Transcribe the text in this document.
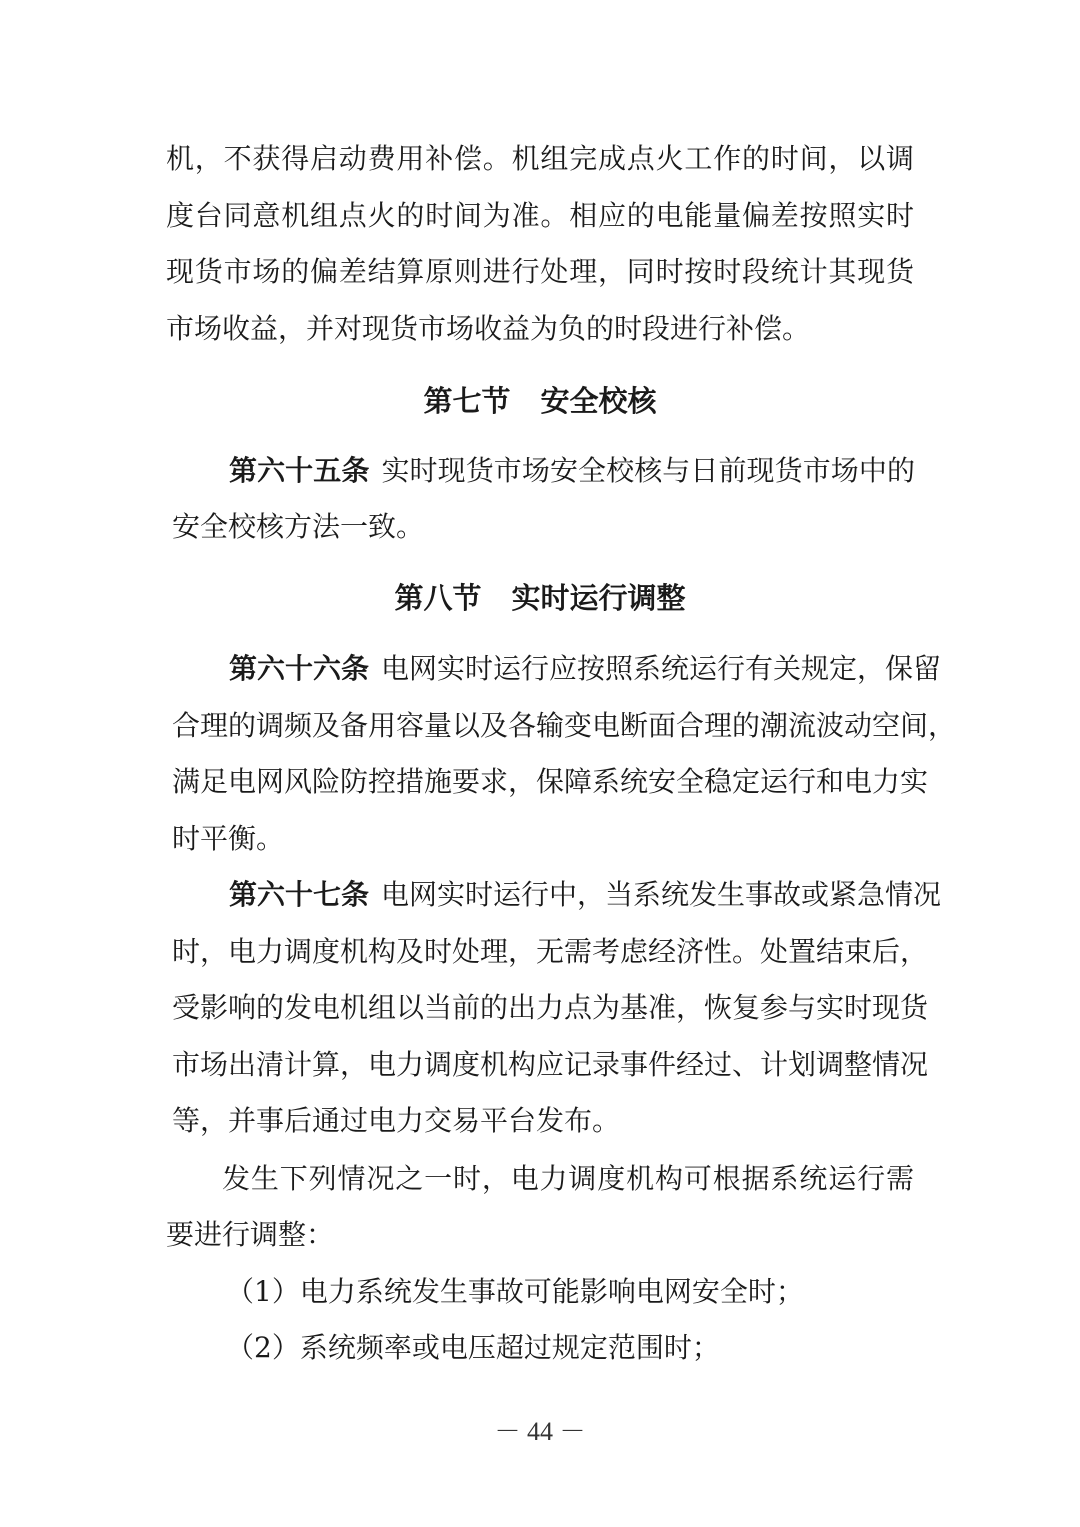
机，不获得启动费用补偿。机组完成点火工作的时间，以调
度台同意机组点火的时间为准。相应的电能量偏差按照实时
现货市场的偏差结算原则进行处理，同时按时段统计其现货
市场收益，并对现货市场收益为负的时段进行补偿。
第七节 安全校核
第六十五条 实时现货市场安全校核与日前现货市场中的
安全校核方法一致。
第八节 实时运行调整
第六十六条 电网实时运行应按照系统运行有关规定，保留
合理的调频及备用容量以及各输变电断面合理的潮流波动空间，
满足电网风险防控措施要求，保障系统安全稳定运行和电力实
时平衡。
第六十七条 电网实时运行中，当系统发生事故或紧急情况
时，电力调度机构及时处理，无需考虑经济性。处置结束后，
受影响的发电机组以当前的出力点为基准，恢复参与实时现货
市场出清计算，电力调度机构应记录事件经过、计划调整情况
等，并事后通过电力交易平台发布。
发生下列情况之一时，电力调度机构可根据系统运行需
要进行调整：
（1）电力系统发生事故可能影响电网安全时；
（2）系统频率或电压超过规定范围时；
－ 44 －
